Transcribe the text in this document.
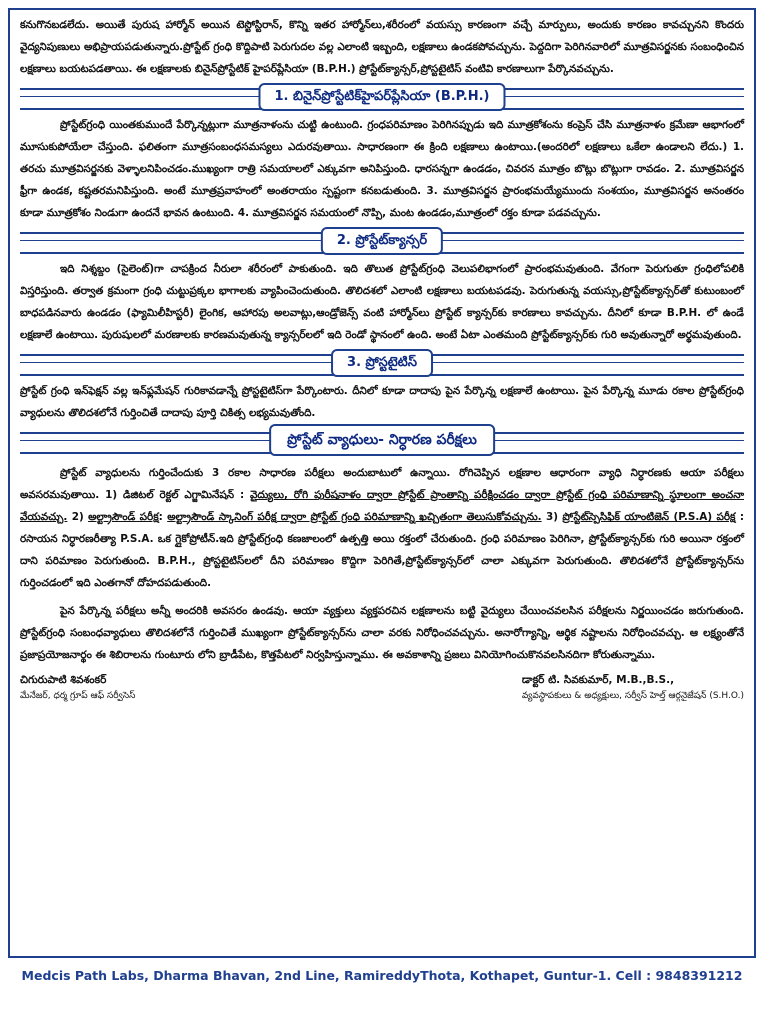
కనుగొనబడలేదు. అయితే పురుష హార్మోన్ అయిన టెస్టోస్టిరాన్, కొన్ని ఇతర హార్మోన్‌లు,శరీరంలో వయస్సు కారణంగా వచ్చే మార్పులు, అందుకు కారణం కావచ్చునని కొందరు వైద్యనిపుణులు అభిప్రాయపడుతున్నారు.ప్రోస్టేట్ గ్రంధి కొద్దిపాటి పెరుగుదల వల్ల ఎలాంటి ఇబ్బంది, లక్షణాలు ఉండకపోవచ్చును. పెద్దదిగా పెరిగినవారిలో మూత్రవిసర్జనకు సంబంధించిన లక్షణాలు బయటపడతాయి. ఈ లక్షణాలకు బినైన్‌ప్రోస్టేటిక్ హైపర్‌ప్లేసియా (B.P.H.) ప్రోస్టేట్‌క్యాన్సర్,ప్రోస్టటైటిస్ వంటివి కారణాలుగా పేర్కొనవచ్చును.

1. బినైన్‌ప్రోస్టేటిక్‌హైపర్‌ప్లేసియా (B.P.H.)

ప్రోస్టేట్‌గ్రంధి యింతకుముందే పేర్కొన్నట్లుగా మూత్రనాళంను చుట్టి ఉంటుంది. గ్రంధపరిమాణం పెరిగినప్పుడు ఇది మూత్రకోశంను కంప్రెస్ చేసి మూత్రనాళం క్రమేణా ఆభాగంలో మూసుకుపోయేలా చేస్తుంది. ఫలితంగా మూత్రసంబంధసమస్యలు ఎదురవుతాయి. సాధారణంగా ఈ క్రింది లక్షణాలు ఉంటాయి.(అందరిలో లక్షణాలు ఒకేలా ఉండాలని లేదు.) 1. తరచు మూత్రవిసర్జనకు వెళ్ళాలనిపించడం.ముఖ్యంగా రాత్రి సమయాలలో ఎక్కువగా అనిపిస్తుంది. ధారసన్నగా ఉండడం, చివరన మూత్రం బొట్లు బొట్లుగా రావడం. 2. మూత్రవిసర్జన ఫ్రీగా ఉండక, కష్టతరమనిపిస్తుంది. అంటే మూత్రప్రవాహంలో అంతరాయం స్పష్టంగా కనబడుతుంది. 3. మూత్రవిసర్జన ప్రారంభమయ్యేముందు సంశయం, మూత్రవిసర్జన అనంతరం కూడా మూత్రకోశం నిండుగా ఉందనే భావన ఉంటుంది. 4. మూత్రవిసర్జన సమయంలో నొప్పి, మంట ఉండడం,మూత్రంలో రక్తం కూడా పడవచ్చును.

2. ప్రోస్టేట్‌క్యాన్సర్

ఇది నిశ్శబ్దం (సైలెంట్)గా చాపక్రింద నీరులా శరీరంలో పాకుతుంది. ఇది తొలుత ప్రోస్టేట్‌గ్రంధి వెలుపలిభాగంలో ప్రారంభమవుతుంది. వేగంగా పెరుగుతూ గ్రంధిలోపలికి విస్తరిస్తుంది. తర్వాత క్రమంగా గ్రంధి చుట్టుప్రక్కల భాగాలకు వ్యాపించెందుతుంది. తొలిదశలో ఎలాంటి లక్షణాలు బయటపడవు. పెరుగుతున్న వయస్సు,ప్రోస్టేట్‌క్యాన్సర్‌తో కుటుంబంలో బాధపడినవారు ఉండడం (ఫ్యామిలీహిస్టరీ) లైంగిక, ఆహారపు అలవాట్లు,ఆండ్రోజెన్స్ వంటి హార్మోన్‌లు ప్రోస్టేట్ క్యాన్సర్‌కు కారణాలు కావచ్చును. దీనిలో కూడా B.P.H. లో ఉండే లక్షణాలే ఉంటాయి. పురుషులలో మరణాలకు కారణమవుతున్న క్యాన్సర్‌లలో ఇది రెండో స్థానంలో ఉంది. అంటే ఏటా ఎంతమంది ప్రోస్టేట్‌క్యాన్సర్‌కు గురి అవుతున్నారో అర్థమవుతుంది.

3. ప్రోస్టటైటిస్

ప్రోస్టేట్ గ్రంధి ఇన్‌ఫెక్షన్ వల్ల ఇన్‌ఫ్లమేషన్ గురికావడాన్నే ప్రోస్టటైటిస్‌గా పేర్కొంటారు. దీనిలో కూడా దాదాపు పైన పేర్కొన్న లక్షణాలే ఉంటాయి. పైన పేర్కొన్న మూడు రకాల ప్రోస్టేట్‌గ్రంధి వ్యాధులను తొలిదశలోనే గుర్తించితే దాదాపు పూర్తి చికిత్స లభ్యమవుతోంది.

ప్రోస్టేట్ వ్యాధులు- నిర్ధారణ పరీక్షలు

ప్రోస్టేట్ వ్యాధులను గుర్తించేందుకు 3 రకాల సాధారణ పరీక్షలు అందుబాటులో ఉన్నాయి. రోగిచెప్పిన లక్షణాల ఆధారంగా వ్యాధి నిర్ధారణకు ఆయా పరీక్షలు అవసరమవుతాయి. 1) డిజిటల్ రెక్టల్ ఎగ్జామినేషన్ : వైద్యులు, రోగి పురీషనాళం ద్వారా ప్రోస్టేట్ ప్రాంతాన్ని పరీక్షించడం ద్వారా ప్రోస్టేట్ గ్రంధి పరిమాణాన్ని స్థూలంగా అంచనా వేయవచ్చు. 2) అల్ట్రాసౌండ్ పరీక్ష: అల్ట్రాసౌండ్ స్కానింగ్ పరీక్ష ద్వారా ప్రోస్టేట్ గ్రంధి పరిమాణాన్ని ఖచ్చితంగా తెలుసుకోవచ్చును. 3) ప్రోస్టేట్‌స్పెసిఫిక్ యాంటిజెన్ (P.S.A) పరీక్ష : రసాయన నిర్ధారణరీత్యా P.S.A. ఒక గ్లైకోప్రోటీన్.ఇది ప్రోస్టేట్‌గ్రంధి కణజాలంలో ఉత్పత్తి అయి రక్తంలో చేరుతుంది. గ్రంధి పరిమాణం పెరిగినా, ప్రోస్టేట్‌క్యాన్సర్‌కు గురి అయినా రక్తంలో దాని పరిమాణం పెరుగుతుంది. B.P.H., ప్రోస్టటైటిస్‌లలో దీని పరిమాణం కొద్దిగా పెరిగితే,ప్రోస్టేట్‌క్యాన్సర్‌లో చాలా ఎక్కువగా పెరుగుతుంది. తొలిదశలోనే ప్రోస్టేట్‌క్యాన్సర్‌ను గుర్తించడంలో ఇది ఎంతగానో దోహదపడుతుంది.

పైన పేర్కొన్న పరీక్షలు అన్నీ అందరికి అవసరం ఉండవు. ఆయా వ్యక్తులు వ్యక్తపరచిన లక్షణాలను బట్టి వైద్యులు చేయించవలసిన పరీక్షలను నిర్ణయించడం జరుగుతుంది. ప్రోస్టేట్‌గ్రంధి సంబంధవ్యాధులు తొలిదశలోనే గుర్తించితే ముఖ్యంగా ప్రోస్టేట్‌క్యాన్సర్‌ను చాలా వరకు నిరోధించవచ్చును. అనారోగ్యాన్ని, ఆర్థిక నష్టాలను నిరోధించవచ్చు. ఆ లక్ష్యంతోనే ప్రజాప్రయోజనార్థం ఈ శిబిరాలను గుంటూరు లోని బ్రాడీపేట, కొత్తపేటలో నిర్వహిస్తున్నాము. ఈ అవకాశాన్ని ప్రజలు వినియోగించుకొనవలసినదిగా కోరుతున్నాము.

చిగురుపాటి శివశంకర్
మేనేజర్, ధర్మ గ్రూప్ ఆఫ్ సర్వీసెస్
డాక్టర్ టి. సివకుమార్, M.B.,B.S.,
వ్యవస్థాపకులు & అధ్యక్షులు, సర్వీస్ హెల్త్ ఆర్గనైజేషన్ (S.H.O.)
Medcis Path Labs, Dharma Bhavan, 2nd Line, RamireddyThota, Kothapet, Guntur-1. Cell : 9848391212
